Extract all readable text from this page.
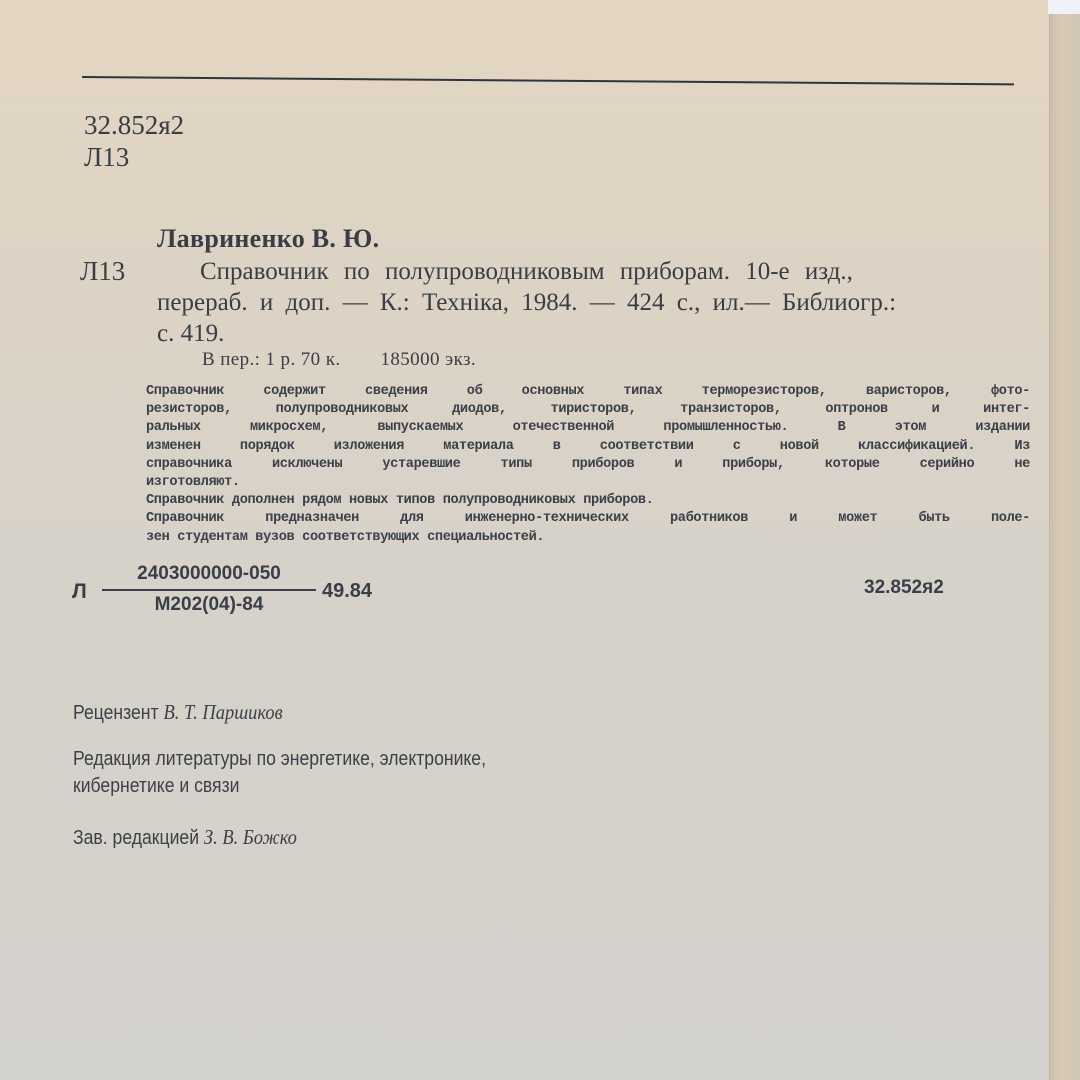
32.852я2
Л13
Лавриненко В. Ю.
Л13	Справочник по полупроводниковым приборам. 10-е изд.,
перераб. и доп. — К.: Техніка, 1984. — 424 с., ил.— Библиогр.:
с. 419.
В пер.: 1 р. 70 к. 185000 экз.

Справочник содержит сведения об основных типах терморезисторов, варисторов, фото-

резисторов, полупроводниковых диодов, тиристоров, транзисторов, оптронов и интег-

ральных микросхем, выпускаемых отечественной промышленностью. В этом издании

изменен порядок изложения материала в соответствии с новой классификацией. Из

справочника исключены устаревшие типы приборов и приборы, которые серийно не

изготовляют.

Справочник дополнен рядом новых типов полупроводниковых приборов.

Справочник предназначен для инженерно-технических работников и может быть поле-

зен студентам вузов соответствующих специальностей.

Л
2403000000-050
М202(04)-84
49.84	32.852я2
Рецензент В. Т. Паршиков
Редакция литературы по энергетике, электронике,
кибернетике и связи
Зав. редакцией З. В. Божко
